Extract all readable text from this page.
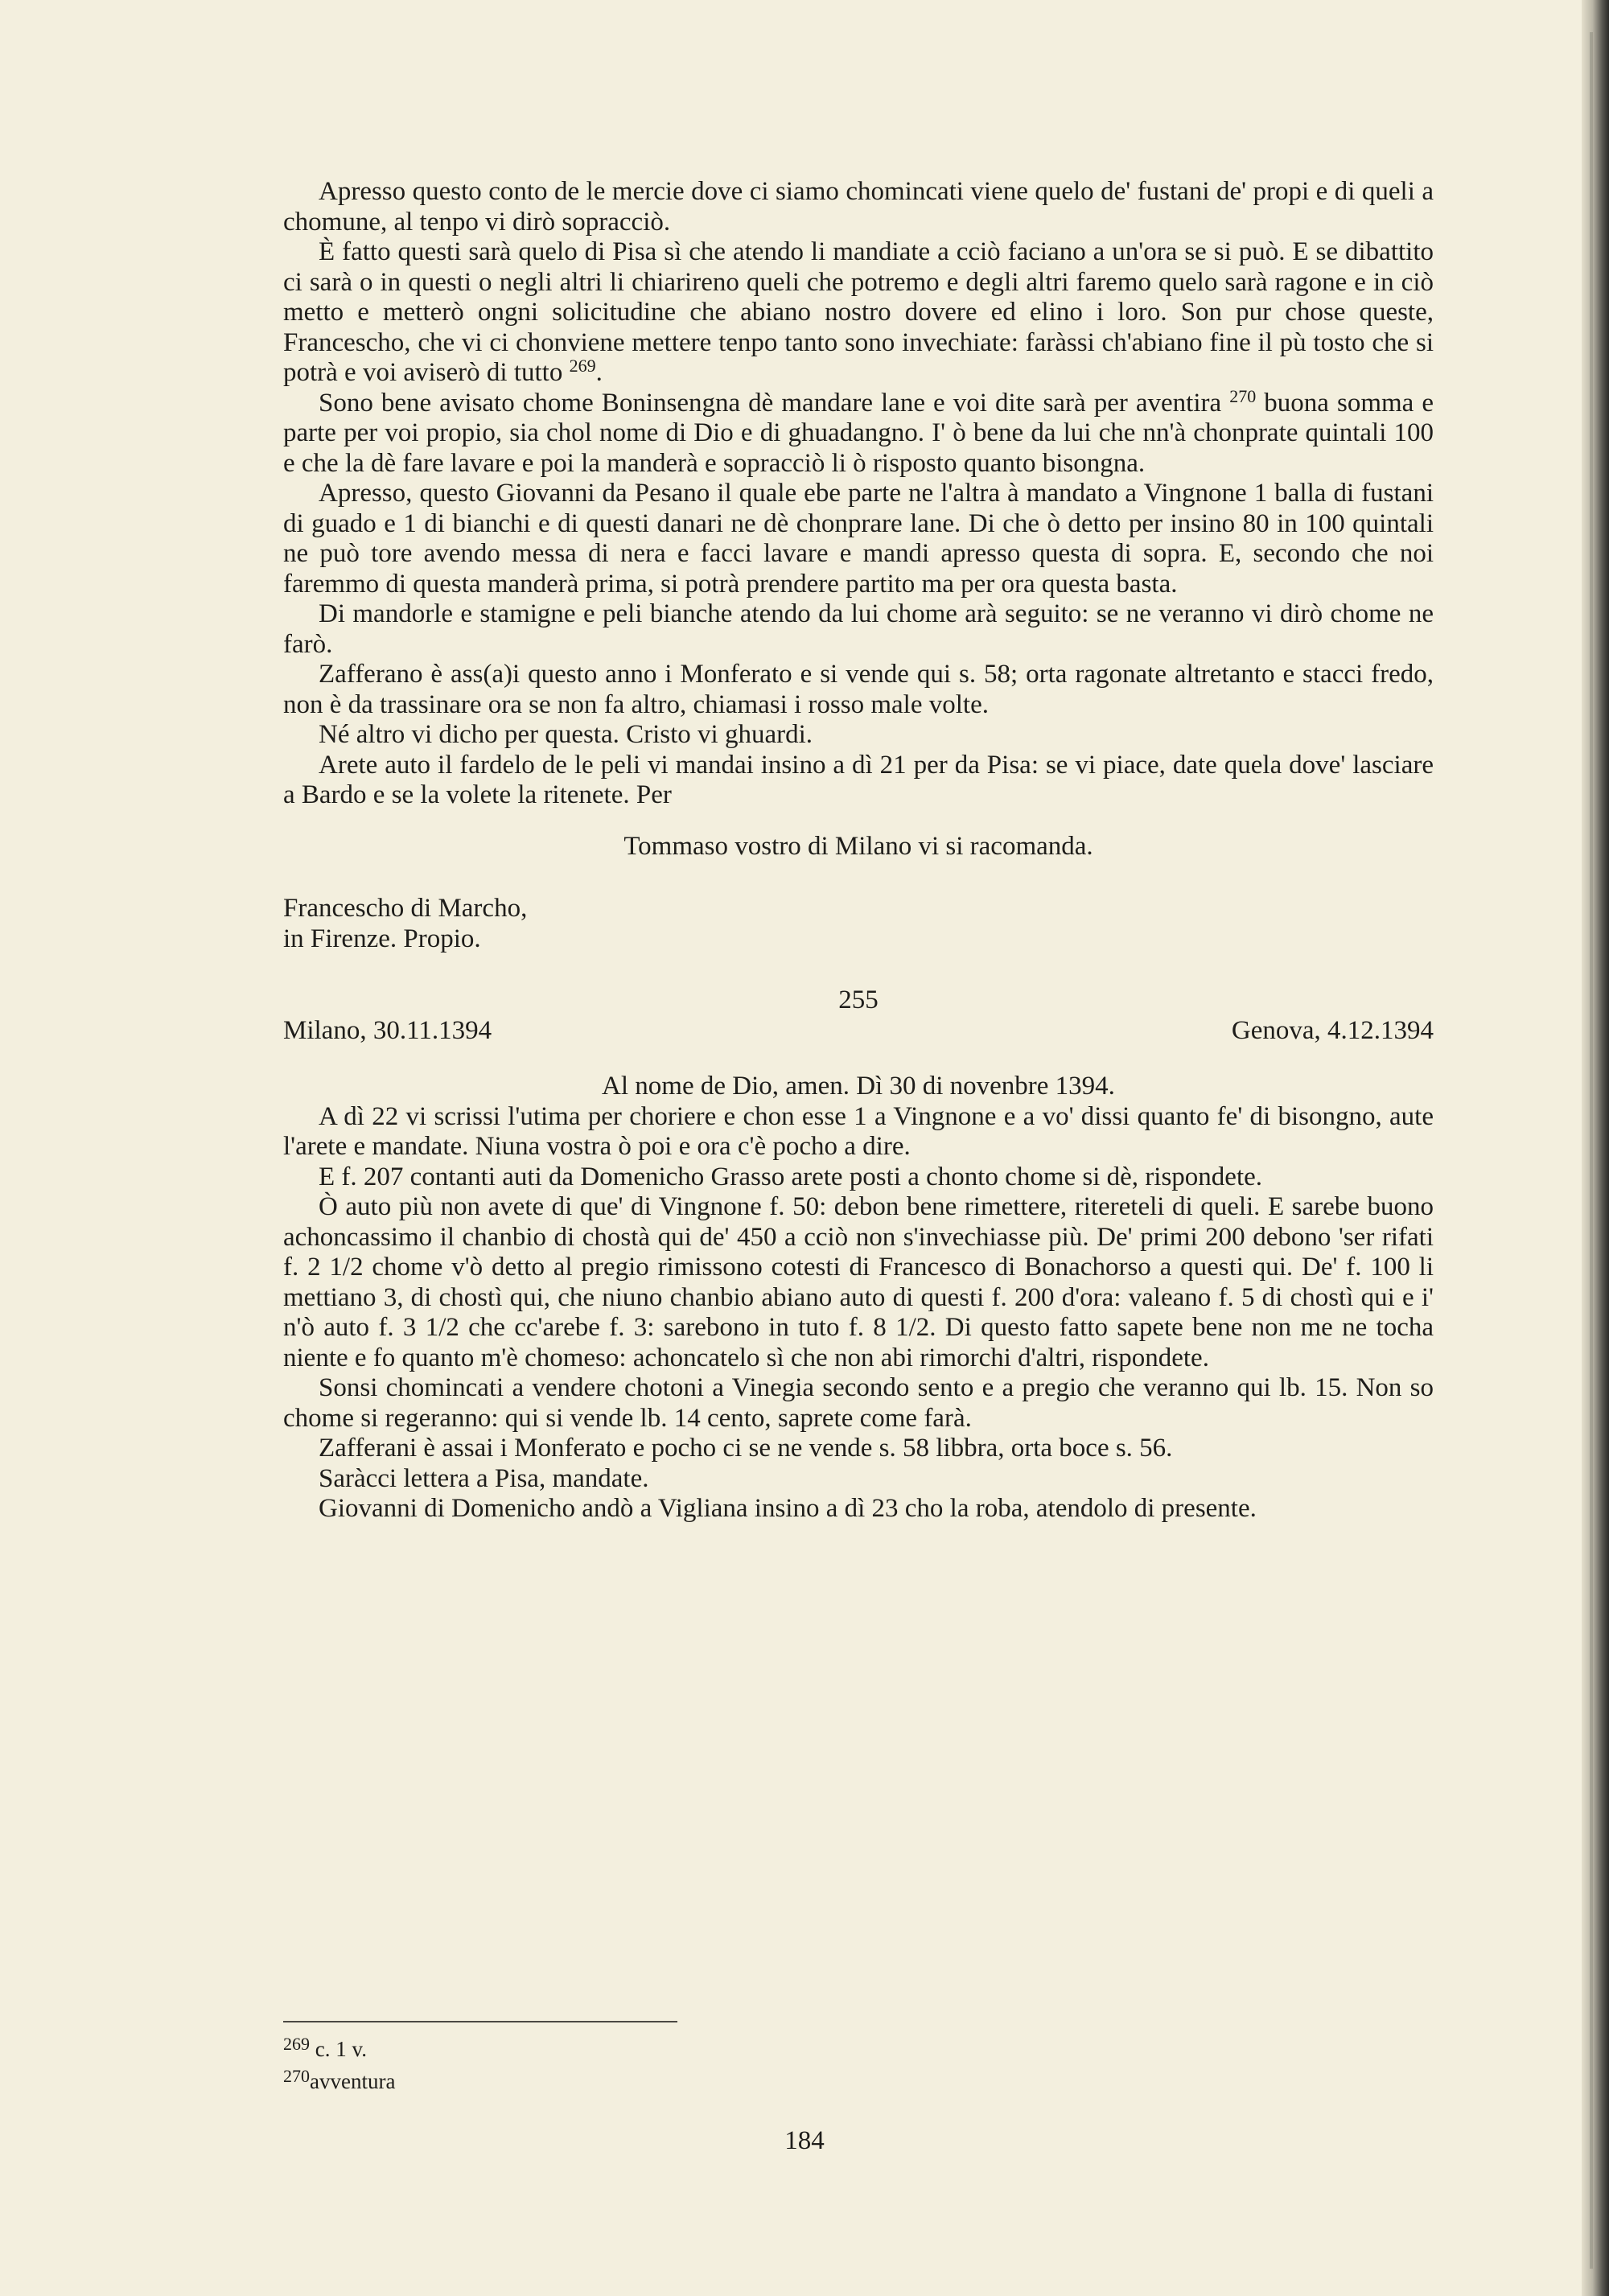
Apresso questo conto de le mercie dove ci siamo chomincati viene quelo de' fustani de' propi e di queli a chomune, al tenpo vi dirò sopracciò.

È fatto questi sarà quelo di Pisa sì che atendo li mandiate a cciò faciano a un'ora se si può. E se dibattito ci sarà o in questi o negli altri li chiarireno queli che potremo e degli altri faremo quelo sarà ragone e in ciò metto e metterò ongni solicitudine che abiano nostro dovere ed elino i loro. Son pur chose queste, Francescho, che vi ci chonviene mettere tenpo tanto sono invechiate: faràssi ch'abiano fine il pù tosto che si potrà e voi aviserò di tutto $^{269}$.

Sono bene avisato chome Boninsengna dè mandare lane e voi dite sarà per aventira $^{270}$ buona somma e parte per voi propio, sia chol nome di Dio e di ghuadangno. I' ò bene da lui che nn'à chonprate quintali 100 e che la dè fare lavare e poi la manderà e sopracciò li ò risposto quanto bisongna.

Apresso, questo Giovanni da Pesano il quale ebe parte ne l'altra à mandato a Vingnone 1 balla di fustani di guado e 1 di bianchi e di questi danari ne dè chonprare lane. Di che ò detto per insino 80 in 100 quintali ne può tore avendo messa di nera e facci lavare e mandi apresso questa di sopra. E, secondo che noi faremmo di questa manderà prima, si potrà prendere partito ma per ora questa basta.

Di mandorle e stamigne e peli bianche atendo da lui chome arà seguito: se ne veranno vi dirò chome ne farò.

Zafferano è ass(a)i questo anno i Monferato e si vende qui s. 58; orta ragonate altretanto e stacci fredo, non è da trassinare ora se non fa altro, chiamasi i rosso male volte.

Né altro vi dicho per questa. Cristo vi ghuardi.

Arete auto il fardelo de le peli vi mandai insino a dì 21 per da Pisa: se vi piace, date quela dove' lasciare a Bardo e se la volete la ritenete. Per

Tommaso vostro di Milano vi si racomanda.

Francescho di Marcho,
in Firenze. Propio.
255
Milano, 30.11.1394	Genova, 4.12.1394

Al nome de Dio, amen. Dì 30 di novenbre 1394.

A dì 22 vi scrissi l'utima per choriere e chon esse 1 a Vingnone e a vo' dissi quanto fe' di bisongno, aute l'arete e mandate. Niuna vostra ò poi e ora c'è pocho a dire.

E f. 207 contanti auti da Domenicho Grasso arete posti a chonto chome si dè, rispondete.

Ò auto più non avete di que' di Vingnone f. 50: debon bene rimettere, ritereteli di queli. E sarebe buono achoncassimo il chanbio di chostà qui de' 450 a cciò non s'invechiasse più. De' primi 200 debono 'ser rifati f. 2 1/2 chome v'ò detto al pregio rimissono cotesti di Francesco di Bonachorso a questi qui. De' f. 100 li mettiano 3, di chostì qui, che niuno chanbio abiano auto di questi f. 200 d'ora: valeano f. 5 di chostì qui e i' n'ò auto f. 3 1/2 che cc'arebe f. 3: sarebono in tuto f. 8 1/2. Di questo fatto sapete bene non me ne tocha niente e fo quanto m'è chomeso: achoncatelo sì che non abi rimorchi d'altri, rispondete.

Sonsi chomincati a vendere chotoni a Vinegia secondo sento e a pregio che veranno qui lb. 15. Non so chome si regeranno: qui si vende lb. 14 cento, saprete come farà.

Zafferani è assai i Monferato e pocho ci se ne vende s. 58 libbra, orta boce s. 56.

Saràcci lettera a Pisa, mandate.

Giovanni di Domenicho andò a Vigliana insino a dì 23 cho la roba, atendolo di presente.

$^{269}$ c. 1 v.
$^{270}$avventura
184
